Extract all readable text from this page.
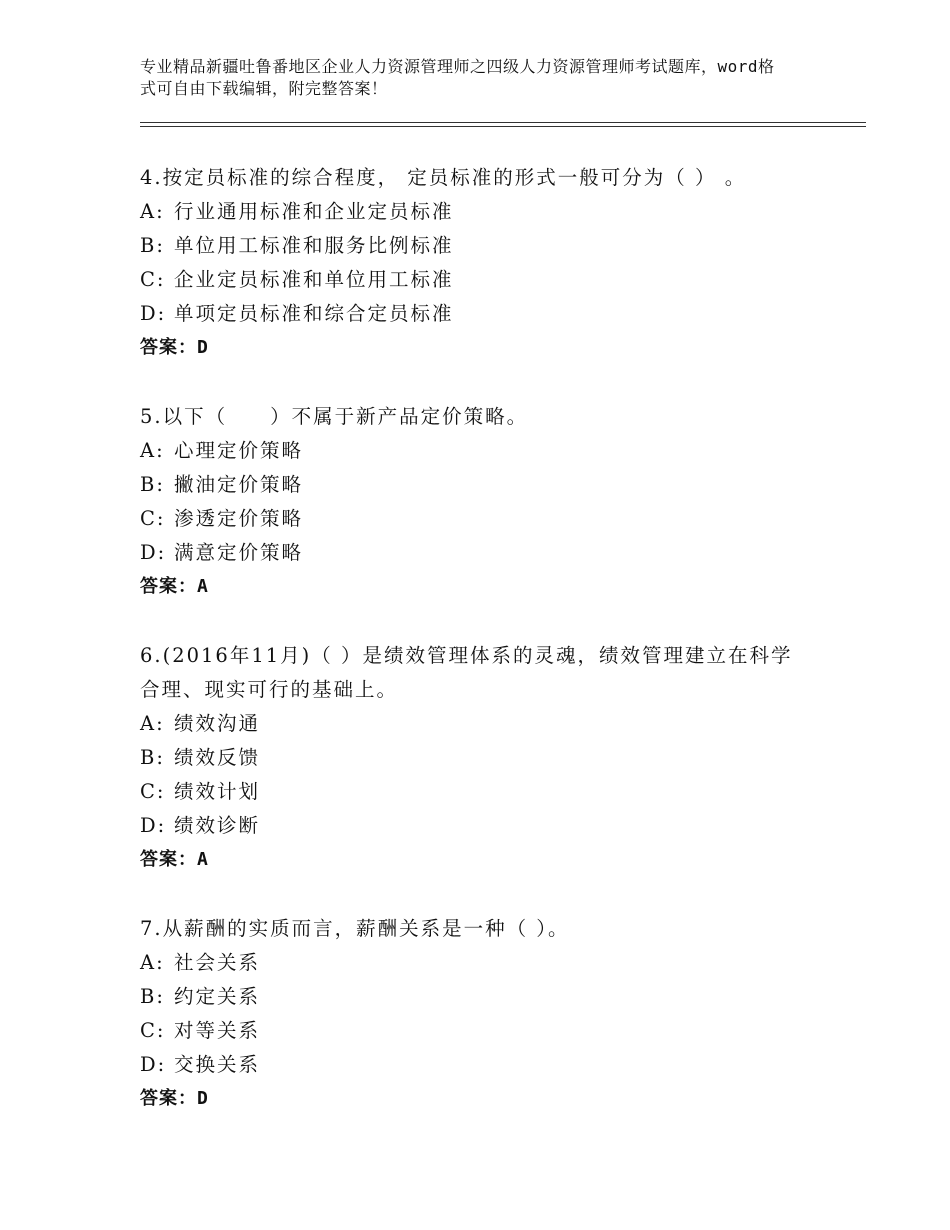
专业精品新疆吐鲁番地区企业人力资源管理师之四级人力资源管理师考试题库，word格式可自由下载编辑，附完整答案！

4.按定员标准的综合程度， 定员标准的形式一般可分为（ ） 。

A: 行业通用标准和企业定员标准

B: 单位用工标准和服务比例标准

C: 企业定员标准和单位用工标准

D: 单项定员标准和综合定员标准

答案：D

5.以下（　　）不属于新产品定价策略。

A: 心理定价策略

B: 撇油定价策略

C: 渗透定价策略

D: 满意定价策略

答案：A

6.(2016年11月)（ ）是绩效管理体系的灵魂，绩效管理建立在科学合理、现实可行的基础上。

A: 绩效沟通

B: 绩效反馈

C: 绩效计划

D: 绩效诊断

答案：A

7.从薪酬的实质而言，薪酬关系是一种（ ）。

A: 社会关系

B: 约定关系

C: 对等关系

D: 交换关系

答案：D
